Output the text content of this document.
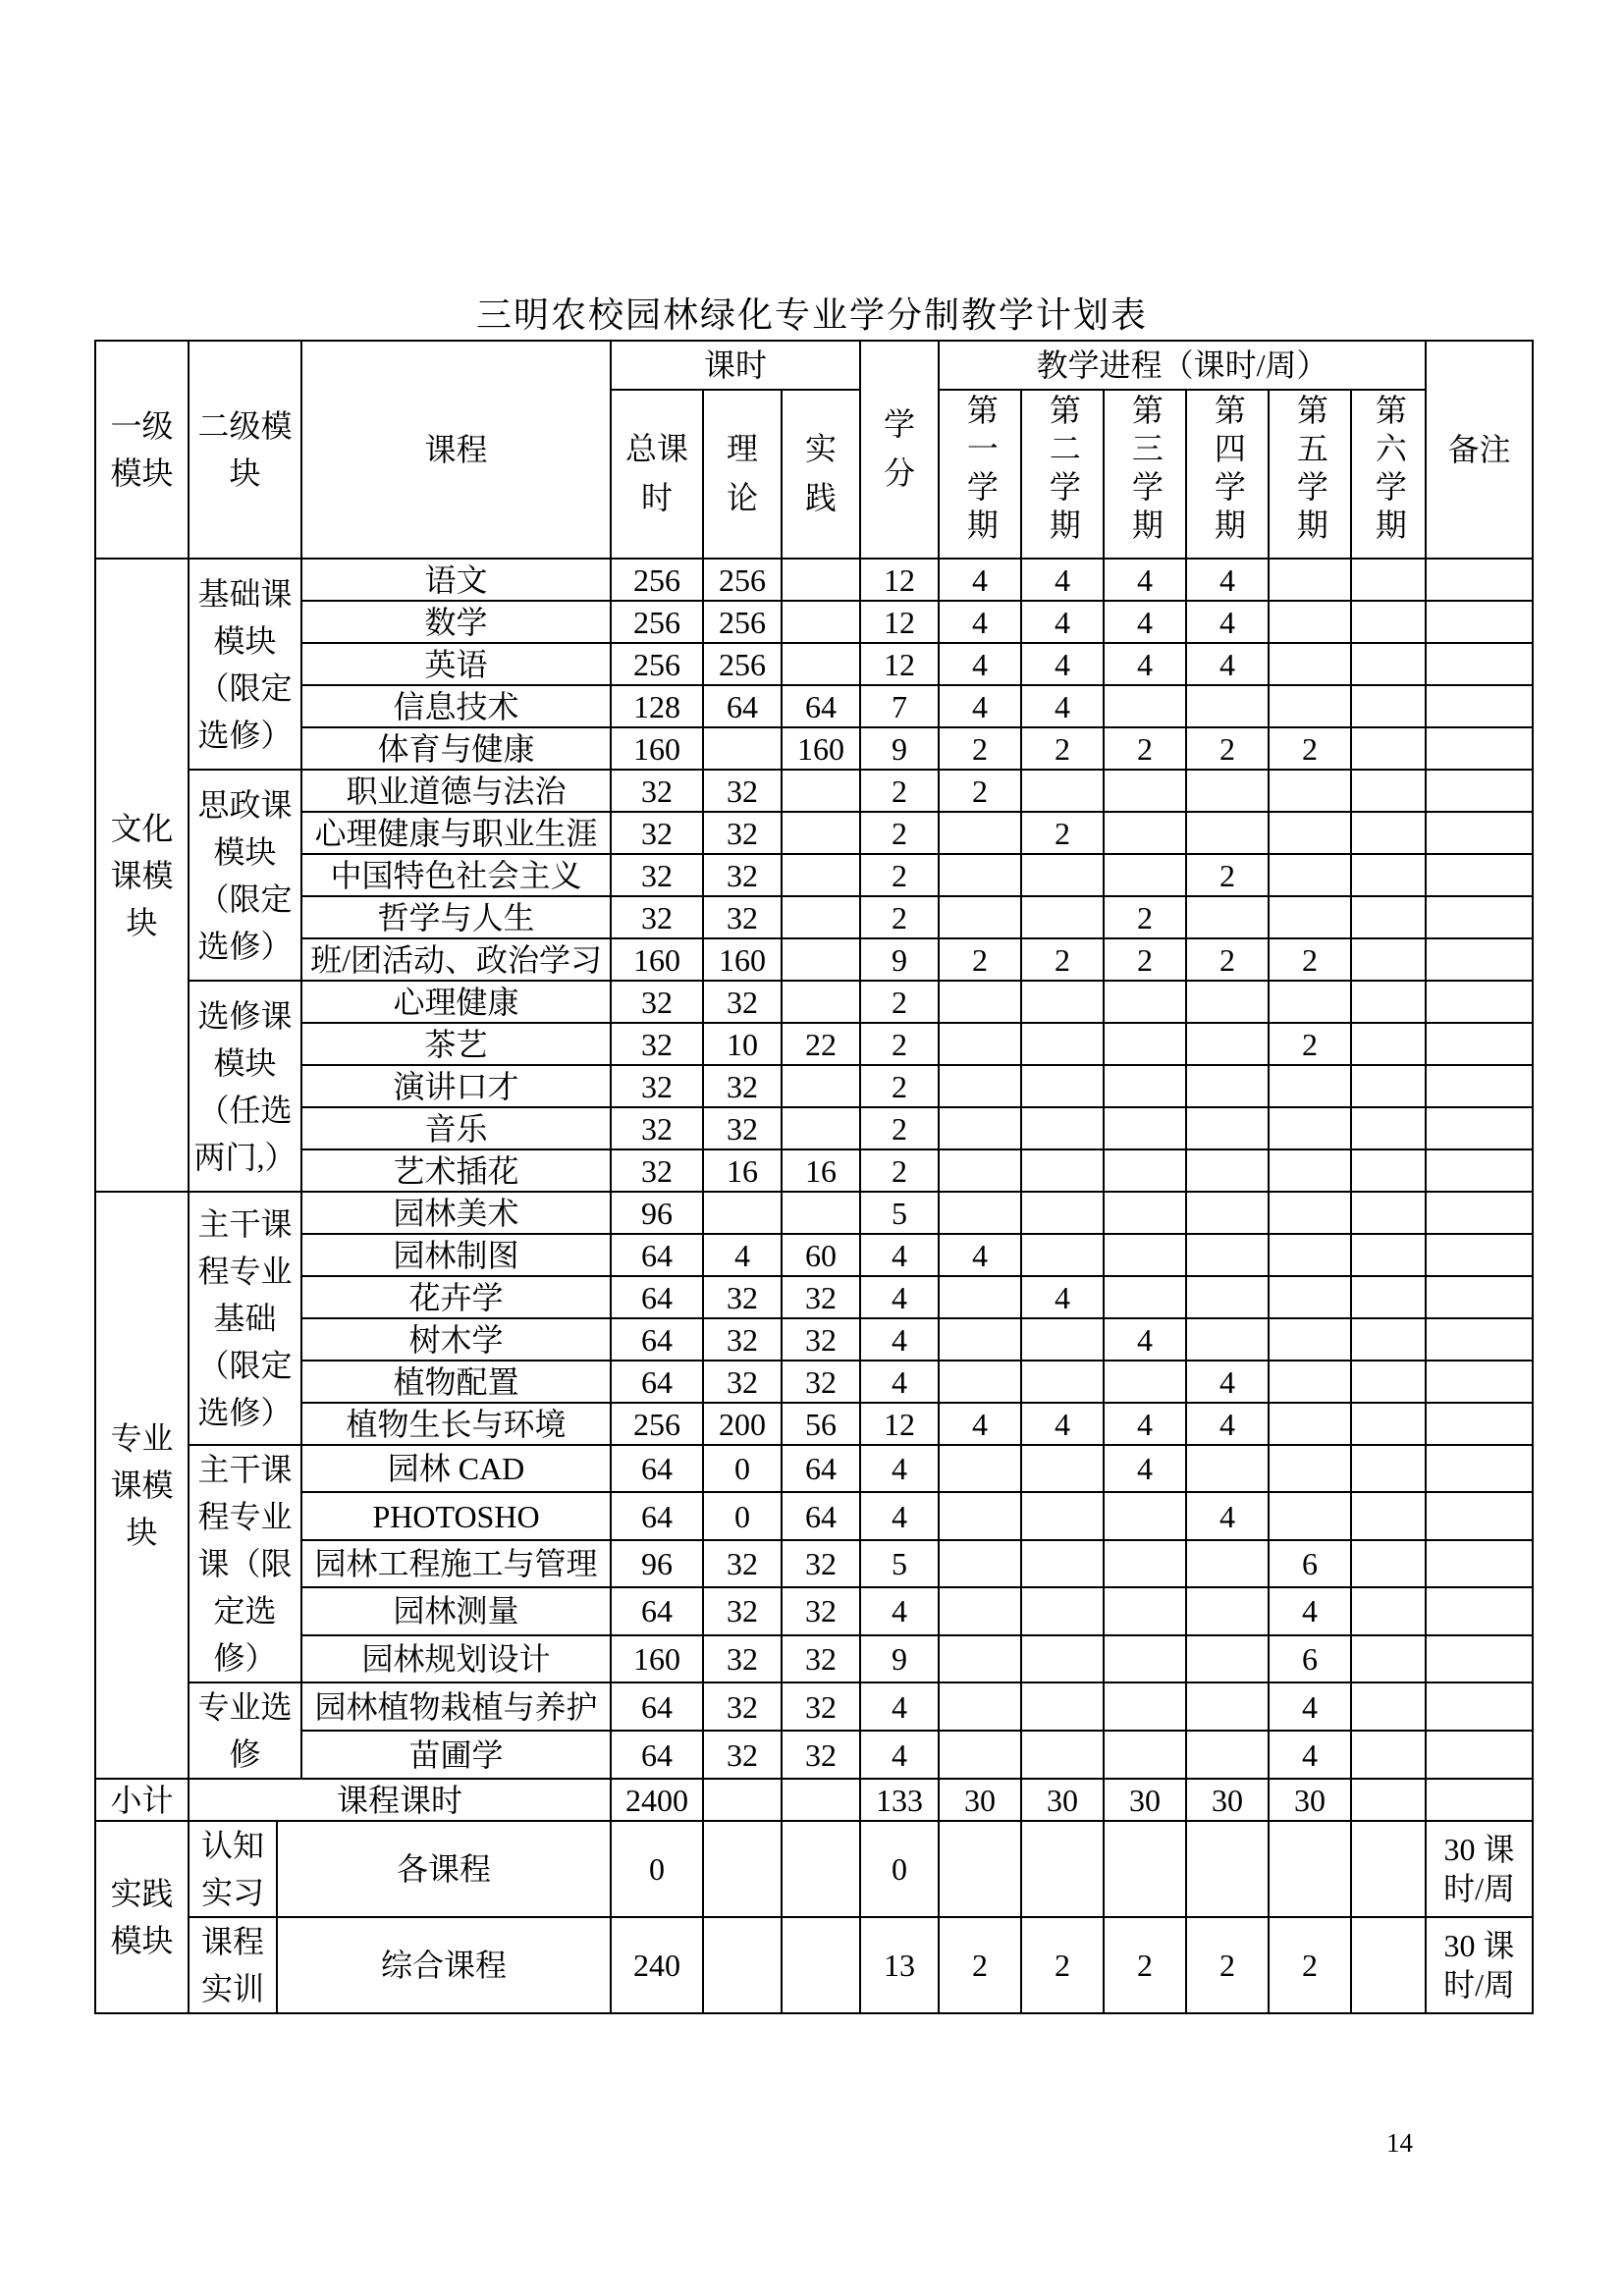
三明农校园林绿化专业学分制教学计划表
一级模块	二级模块		课程	课时			学分	教学进程（课时/周）						备注

				总课时	理论	实践		第一学期	第二学期	第三学期	第四学期	第五学期	第六学期	

文化课模块	基础课模块（限定选修）		语文	256	256		12	4	4	4	4			

			数学	256	256		12	4	4	4	4			

			英语	256	256		12	4	4	4	4			

			信息技术	128	64	64	7	4	4					

			体育与健康	160		160	9	2	2	2	2	2		

	思政课模块（限定选修）		职业道德与法治	32	32		2	2						

			心理健康与职业生涯	32	32		2		2					

			中国特色社会主义	32	32		2				2			

			哲学与人生	32	32		2			2				

			班/团活动、政治学习	160	160		9	2	2	2	2	2		

	选修课模块（任选两门,）		心理健康	32	32		2							

			茶艺	32	10	22	2					2		

			演讲口才	32	32		2							

			音乐	32	32		2							

			艺术插花	32	16	16	2							

专业课模块	主干课程专业基础（限定选修）		园林美术	96			5							

			园林制图	64	4	60	4	4						

			花卉学	64	32	32	4		4					

			树木学	64	32	32	4			4				

			植物配置	64	32	32	4				4			

			植物生长与环境	256	200	56	12	4	4	4	4			

	主干课程专业课（限定选修）		园林 CAD	64	0	64	4			4				

			PHOTOSHO	64	0	64	4				4			

			园林工程施工与管理	96	32	32	5					6		

			园林测量	64	32	32	4					4		

			园林规划设计	160	32	32	9					6		

	专业选修		园林植物栽植与养护	64	32	32	4					4		

			苗圃学	64	32	32	4					4		

小计	课程课时			2400			133	30	30	30	30	30		

实践模块	认知实习	各课程		0			0							30 课时/周

	课程实训	综合课程		240			13	2	2	2	2	2		30 课时/周
14
